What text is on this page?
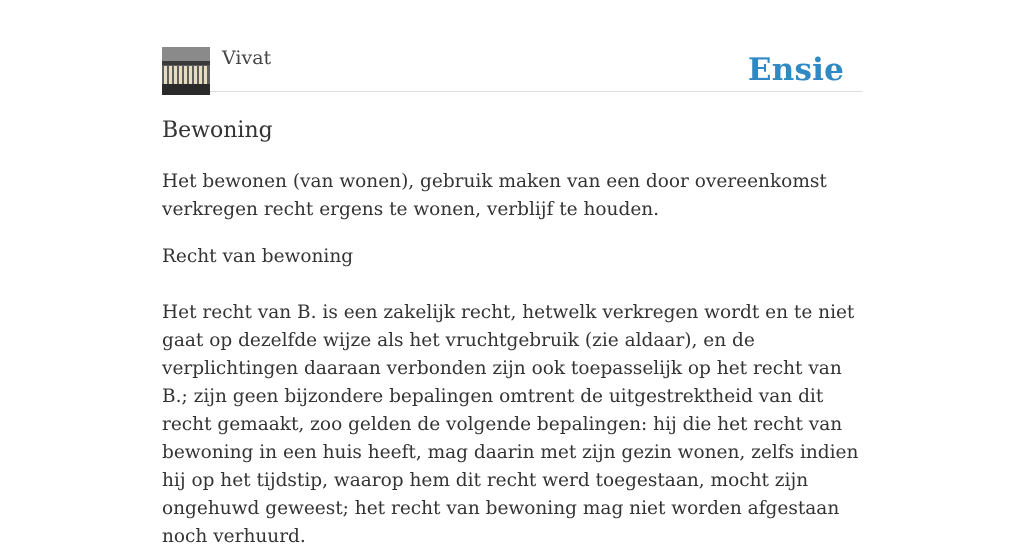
Vivat	Ensie
Bewoning

Het bewonen (van wonen), gebruik maken van een door overeenkomst verkregen recht ergens te wonen, verblijf te houden.

Recht van bewoning

Het recht van B. is een zakelijk recht, hetwelk verkregen wordt en te niet gaat op dezelfde wijze als het vruchtgebruik (zie aldaar), en de verplichtingen daaraan verbonden zijn ook toepasselijk op het recht van B.; zijn geen bijzondere bepalingen omtrent de uitgestrektheid van dit recht gemaakt, zoo gelden de volgende bepalingen: hij die het recht van bewoning in een huis heeft, mag daarin met zijn gezin wonen, zelfs indien hij op het tijdstip, waarop hem dit recht werd toegestaan, mocht zijn ongehuwd geweest; het recht van bewoning mag niet worden afgestaan noch verhuurd.
